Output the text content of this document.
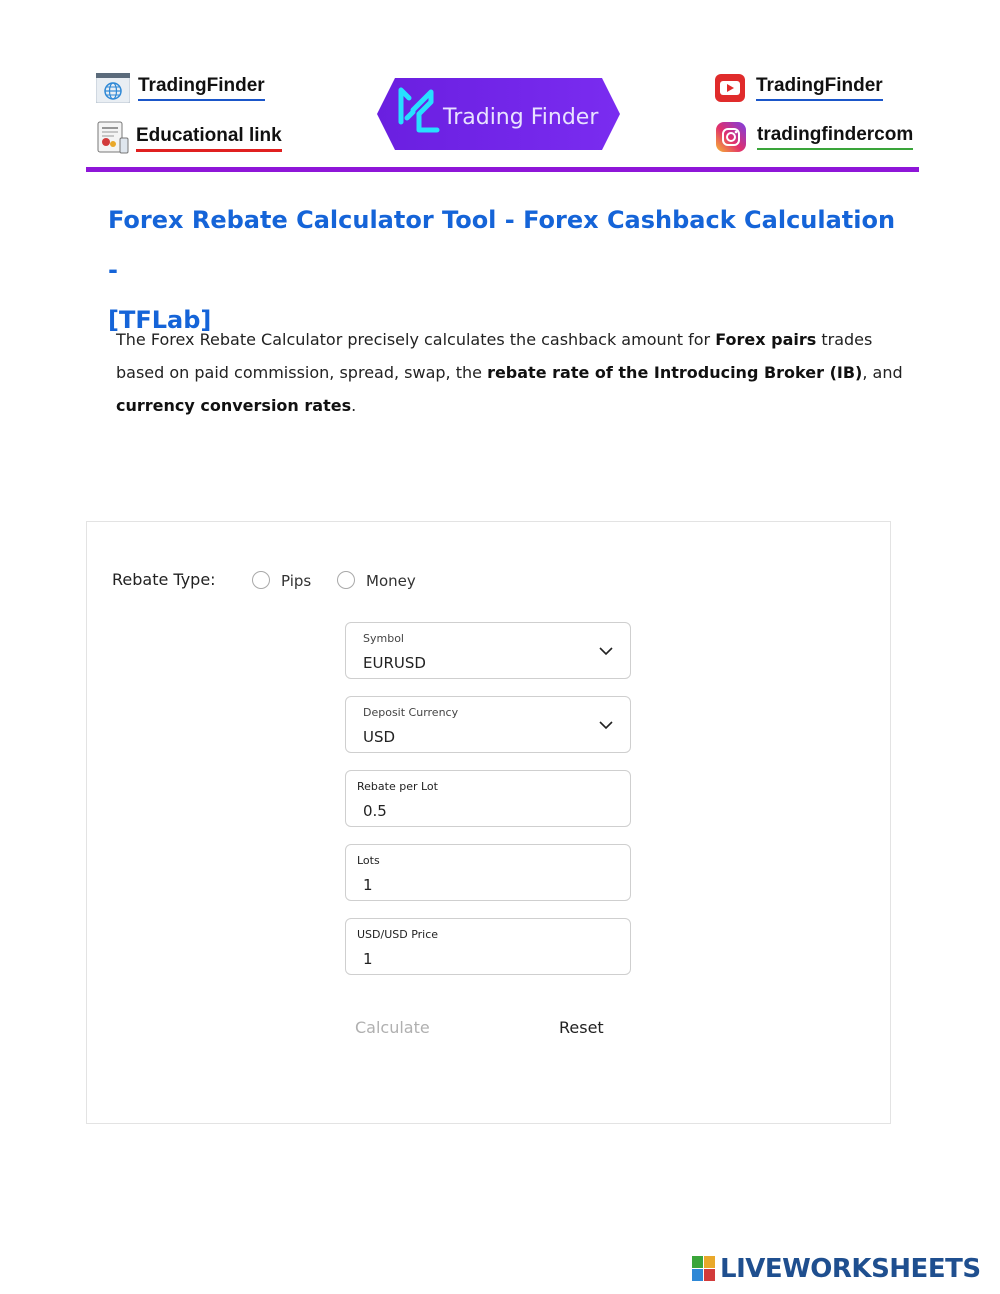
TradingFinder
Educational link
TradingFinder
tradingfindercom
Trading Finder
Forex Rebate Calculator Tool - Forex Cashback Calculation -
[TFLab]

The Forex Rebate Calculator precisely calculates the cashback amount for Forex pairs trades based on paid commission, spread, swap, the rebate rate of the Introducing Broker (IB), and currency conversion rates.

Rebate Type:	Pips	Money
Symbol
EURUSD
Deposit Currency
USD
Rebate per Lot
0.5
Lots
1
USD/USD Price
1
Calculate	Reset
LIVEWORKSHEETS
